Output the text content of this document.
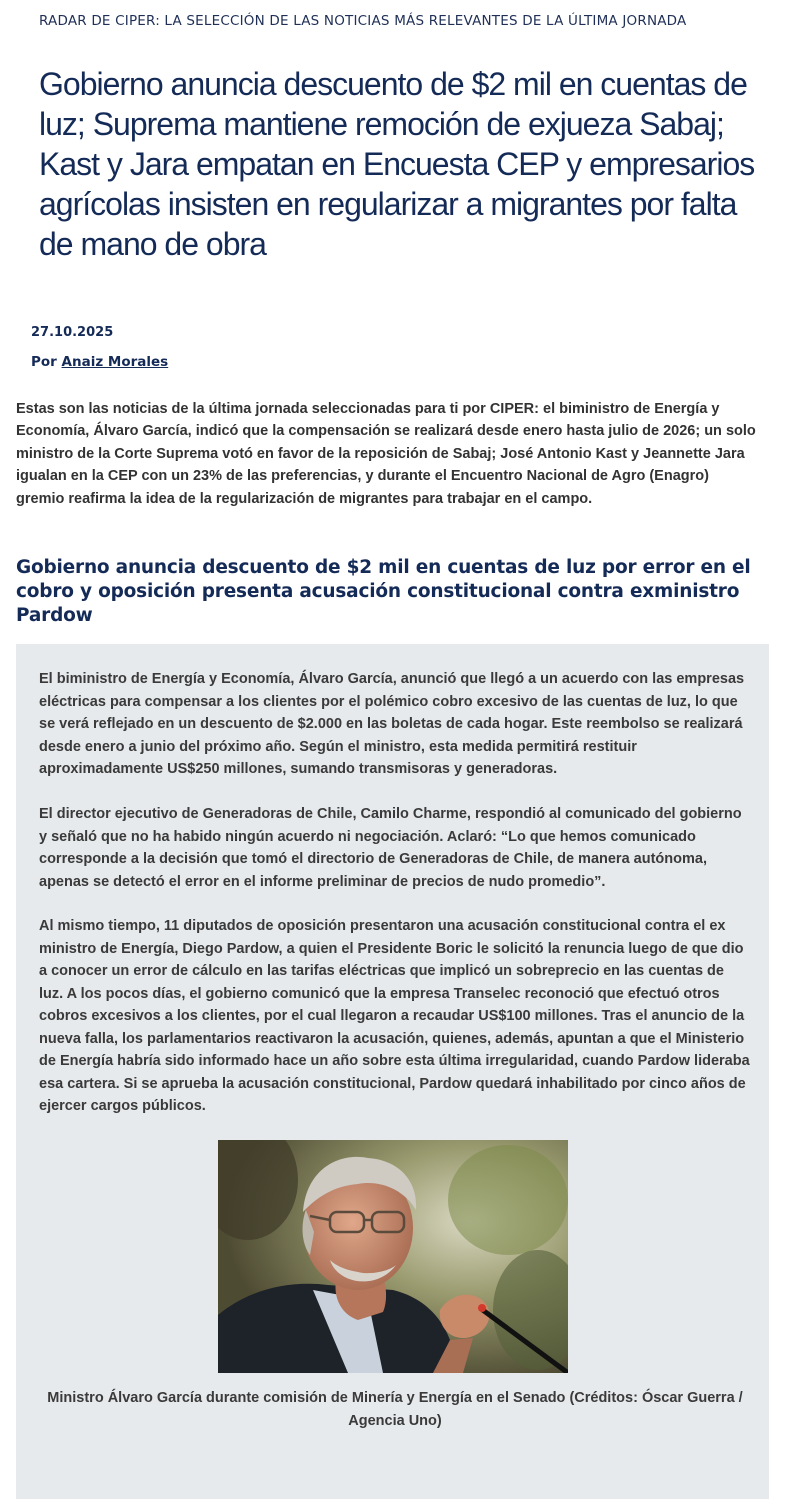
RADAR DE CIPER: LA SELECCIÓN DE LAS NOTICIAS MÁS RELEVANTES DE LA ÚLTIMA JORNADA
Gobierno anuncia descuento de $2 mil en cuentas de luz; Suprema mantiene remoción de exjueza Sabaj; Kast y Jara empatan en Encuesta CEP y empresarios agrícolas insisten en regularizar a migrantes por falta de mano de obra
27.10.2025
Por Anaiz Morales

Estas son las noticias de la última jornada seleccionadas para ti por CIPER: el biministro de Energía y Economía, Álvaro García, indicó que la compensación se realizará desde enero hasta julio de 2026; un solo ministro de la Corte Suprema votó en favor de la reposición de Sabaj; José Antonio Kast y Jeannette Jara igualan en la CEP con un 23% de las preferencias, y durante el Encuentro Nacional de Agro (Enagro) gremio reafirma la idea de la regularización de migrantes para trabajar en el campo.

Gobierno anuncia descuento de $2 mil en cuentas de luz por error en el cobro y oposición presenta acusación constitucional contra exministro Pardow

El biministro de Energía y Economía, Álvaro García, anunció que llegó a un acuerdo con las empresas eléctricas para compensar a los clientes por el polémico cobro excesivo de las cuentas de luz, lo que se verá reflejado en un descuento de $2.000 en las boletas de cada hogar. Este reembolso se realizará desde enero a junio del próximo año. Según el ministro, esta medida permitirá restituir aproximadamente US$250 millones, sumando transmisoras y generadoras.

El director ejecutivo de Generadoras de Chile, Camilo Charme, respondió al comunicado del gobierno y señaló que no ha habido ningún acuerdo ni negociación. Aclaró: “Lo que hemos comunicado corresponde a la decisión que tomó el directorio de Generadoras de Chile, de manera autónoma, apenas se detectó el error en el informe preliminar de precios de nudo promedio”.

Al mismo tiempo, 11 diputados de oposición presentaron una acusación constitucional contra el ex ministro de Energía, Diego Pardow, a quien el Presidente Boric le solicitó la renuncia luego de que dio a conocer un error de cálculo en las tarifas eléctricas que implicó un sobreprecio en las cuentas de luz. A los pocos días, el gobierno comunicó que la empresa Transelec reconoció que efectuó otros cobros excesivos a los clientes, por el cual llegaron a recaudar US$100 millones. Tras el anuncio de la nueva falla, los parlamentarios reactivaron la acusación, quienes, además, apuntan a que el Ministerio de Energía habría sido informado hace un año sobre esta última irregularidad, cuando Pardow lideraba esa cartera. Si se aprueba la acusación constitucional, Pardow quedará inhabilitado por cinco años de ejercer cargos públicos.

Ministro Álvaro García durante comisión de Minería y Energía en el Senado (Créditos: Óscar Guerra / Agencia Uno)
